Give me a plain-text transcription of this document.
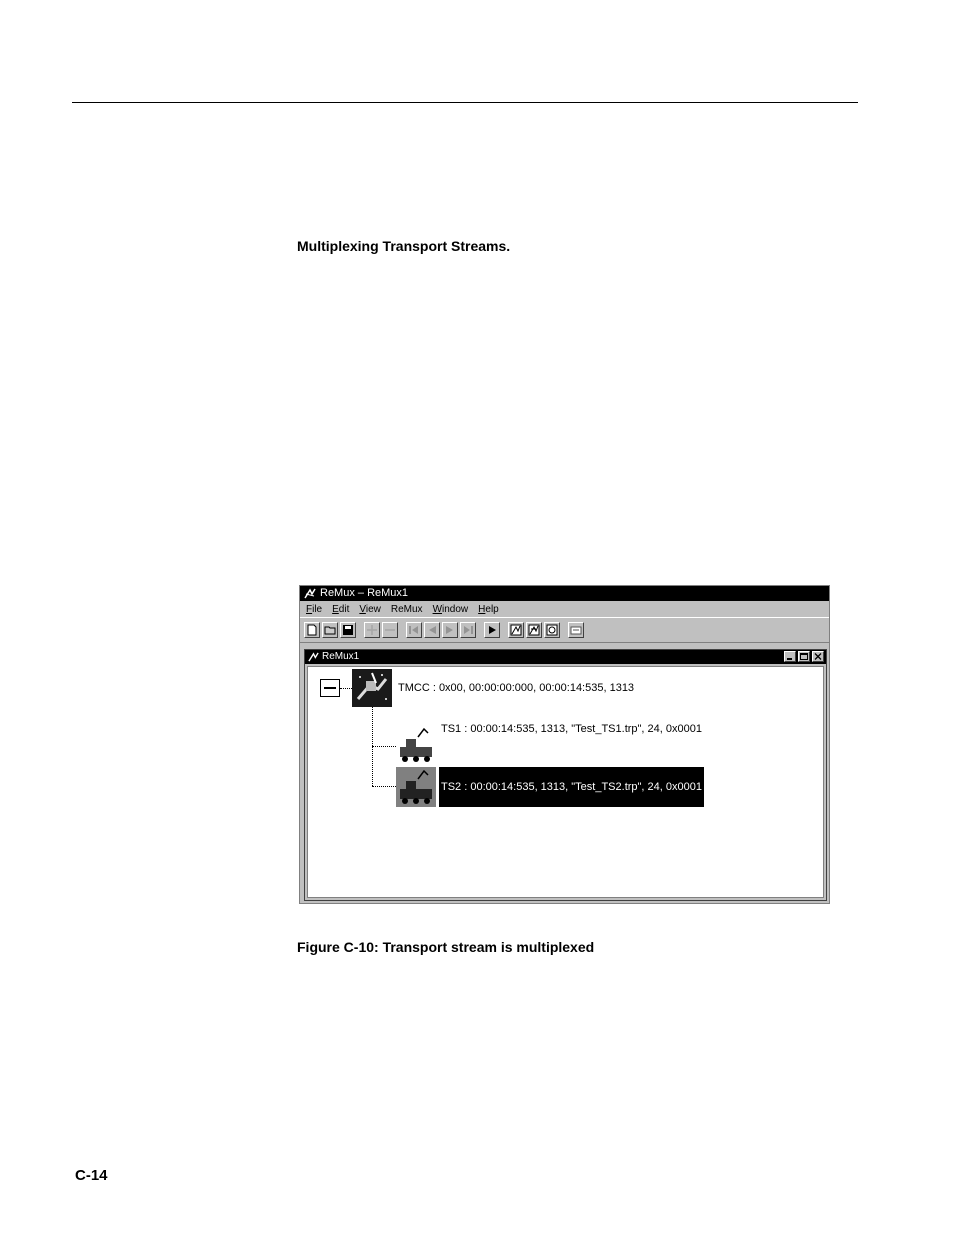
Multiplexing Transport Streams.
ReMux – ReMux1
File Edit View ReMux Window Help
ReMux1
TMCC : 0x00, 00:00:00:000, 00:00:14:535, 1313
TS1 : 00:00:14:535, 1313, "Test_TS1.trp", 24, 0x0001
TS2 : 00:00:14:535, 1313, "Test_TS2.trp", 24, 0x0001
Figure C-10: Transport stream is multiplexed
C-14
